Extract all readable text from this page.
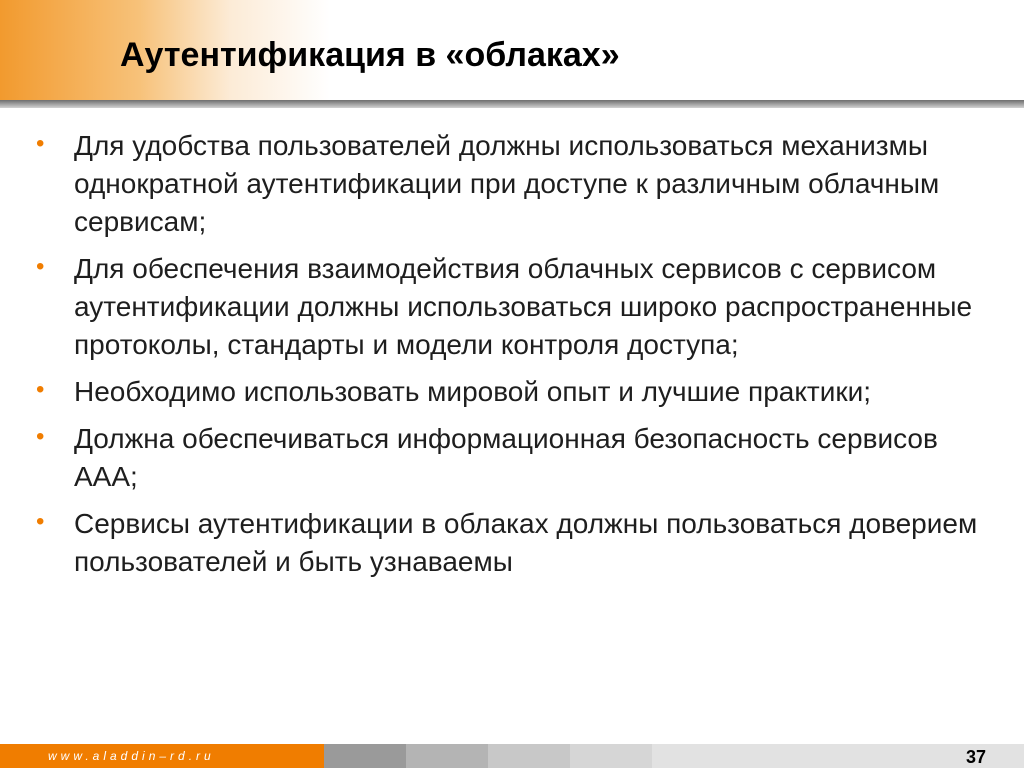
Аутентификация в «облаках»
• Для удобства пользователей должны использоваться механизмы однократной аутентификации при доступе к различным облачным сервисам;
• Для обеспечения взаимодействия облачных сервисов с сервисом аутентификации должны использоваться широко распространенные протоколы, стандарты и модели контроля доступа;
• Необходимо использовать мировой опыт и лучшие практики;
• Должна обеспечиваться информационная безопасность сервисов ААА;
• Сервисы аутентификации в облаках должны пользоваться доверием пользователей и быть узнаваемы
www.aladdin–rd.ru	37
